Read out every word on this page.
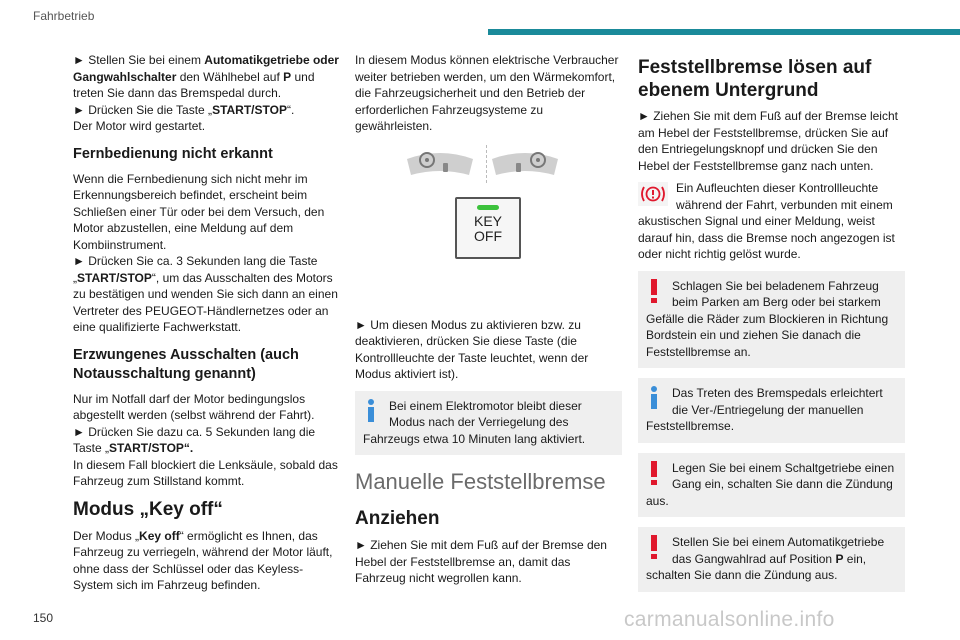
Fahrbetrieb

► Stellen Sie bei einem Automatikgetriebe oder Gangwahlschalter den Wählhebel auf P und treten Sie dann das Bremspedal durch.
► Drücken Sie die Taste „START/STOP“.
Der Motor wird gestartet.

Fernbedienung nicht erkannt

Wenn die Fernbedienung sich nicht mehr im Erkennungsbereich befindet, erscheint beim Schließen einer Tür oder bei dem Versuch, den Motor abzustellen, eine Meldung auf dem Kombiinstrument.
► Drücken Sie ca. 3 Sekunden lang die Taste „START/STOP“, um das Ausschalten des Motors zu bestätigen und wenden Sie sich dann an einen Vertreter des PEUGEOT-Händlernetzes oder an eine qualifizierte Fachwerkstatt.

Erzwungenes Ausschalten (auch Notausschaltung genannt)

Nur im Notfall darf der Motor bedingungslos abgestellt werden (selbst während der Fahrt).
► Drücken Sie dazu ca. 5 Sekunden lang die Taste „START/STOP“.
In diesem Fall blockiert die Lenksäule, sobald das Fahrzeug zum Stillstand kommt.

Modus „Key off“

Der Modus „Key off“ ermöglicht es Ihnen, das Fahrzeug zu verriegeln, während der Motor läuft, ohne dass der Schlüssel oder das Keyless-System sich im Fahrzeug befinden.

In diesem Modus können elektrische Verbraucher weiter betrieben werden, um den Wärmekomfort, die Fahrzeugsicherheit und den Betrieb der erforderlichen Fahrzeugsysteme zu gewährleisten.

KEY
OFF

► Um diesen Modus zu aktivieren bzw. zu deaktivieren, drücken Sie diese Taste (die Kontrollleuchte der Taste leuchtet, wenn der Modus aktiviert ist).

Bei einem Elektromotor bleibt dieser Modus nach der Verriegelung des Fahrzeugs etwa 10 Minuten lang aktiviert.
Manuelle Feststellbremse
Anziehen

► Ziehen Sie mit dem Fuß auf der Bremse den Hebel der Feststellbremse an, damit das Fahrzeug nicht wegrollen kann.

Feststellbremse lösen auf ebenem Untergrund

► Ziehen Sie mit dem Fuß auf der Bremse leicht am Hebel der Feststellbremse, drücken Sie auf den Entriegelungsknopf und drücken Sie den Hebel der Feststellbremse ganz nach unten.

Ein Aufleuchten dieser Kontrollleuchte während der Fahrt, verbunden mit einem akustischen Signal und einer Meldung, weist darauf hin, dass die Bremse noch angezogen ist oder nicht richtig gelöst wurde.

Schlagen Sie bei beladenem Fahrzeug beim Parken am Berg oder bei starkem Gefälle die Räder zum Blockieren in Richtung Bordstein ein und ziehen Sie danach die Feststellbremse an.
Das Treten des Bremspedals erleichtert die Ver-/Entriegelung der manuellen Feststellbremse.
Legen Sie bei einem Schaltgetriebe einen Gang ein, schalten Sie dann die Zündung aus.
Stellen Sie bei einem Automatikgetriebe das Gangwahlrad auf Position P ein, schalten Sie dann die Zündung aus.
150	carmanualsonline.info
